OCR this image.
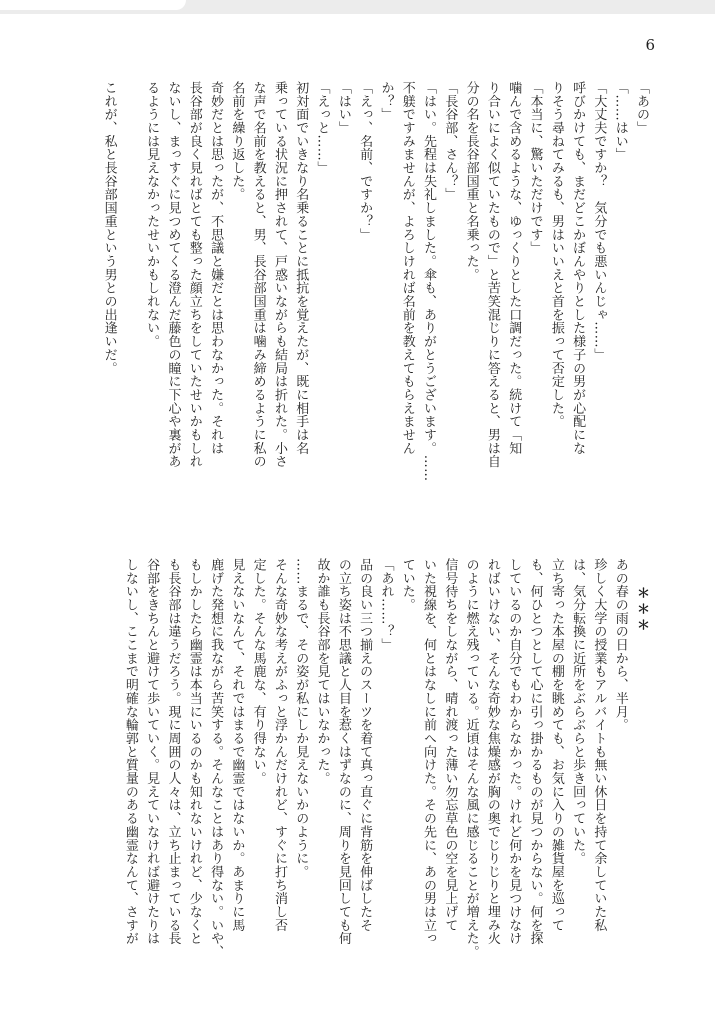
6
「あの」
「……はい」
「大丈夫ですか？　気分でも悪いんじゃ……」
呼びかけても、まだどこかぼんやりとした様子の男が心配にな
りそう尋ねてみるも、男はいいえと首を振って否定した。
「本当に、驚いただけです」
噛んで含めるような、ゆっくりとした口調だった。続けて「知
り合いによく似ていたもので」と苦笑混じりに答えると、男は自
分の名を長谷部国重と名乗った。
「長谷部、さん？」
「はい。先程は失礼しました。傘も、ありがとうございます。……
不躾ですみませんが、よろしければ名前を教えてもらえません
か？」
「えっ、名前、ですか？」
「はい」
「えっと……」
初対面でいきなり名乗ることに抵抗を覚えたが、既に相手は名
乗っている状況に押されて、戸惑いながらも結局は折れた。小さ
な声で名前を教えると、男、長谷部国重は噛み締めるように私の
名前を繰り返した。
奇妙だとは思ったが、不思議と嫌だとは思わなかった。それは
長谷部が良く見ればとても整った顔立ちをしていたせいかもしれ
ないし、まっすぐに見つめてくる澄んだ藤色の瞳に下心や裏があ
るようには見えなかったせいかもしれない。
これが、私と長谷部国重という男との出逢いだ。
＊＊＊
あの春の雨の日から、半月。
珍しく大学の授業もアルバイトも無い休日を持て余していた私
は、気分転換に近所をぶらぶらと歩き回っていた。
立ち寄った本屋の棚を眺めても、お気に入りの雑貨屋を巡って
も、何ひとつとして心に引っ掛かるものが見つからない。何を探
しているのか自分でもわからなかった。けれど何かを見つけなけ
ればいけない、そんな奇妙な焦燥感が胸の奥でじりじりと埋み火
のように燃え残っている。近頃はそんな風に感じることが増えた。
信号待ちをしながら、晴れ渡った薄い勿忘草色の空を見上げて
いた視線を、何とはなしに前へ向けた。その先に、あの男は立っ
ていた。
「あれ……？」
品の良い三つ揃えのスーツを着て真っ直ぐに背筋を伸ばしたそ
の立ち姿は不思議と人目を惹くはずなのに、周りを見回しても何
故か誰も長谷部を見てはいなかった。
……まるで、その姿が私にしか見えないかのように。
そんな奇妙な考えがふっと浮かんだけれど、すぐに打ち消し否
定した。そんな馬鹿な、有り得ない。
見えないなんて、それではまるで幽霊ではないか。あまりに馬
鹿げた発想に我ながら苦笑する。そんなことはあり得ない。いや、
もしかしたら幽霊は本当にいるのかも知れないけれど、少なくと
も長谷部は違うだろう。現に周囲の人々は、立ち止まっている長
谷部をきちんと避けて歩いていく。見えていなければ避けたりは
しないし、ここまで明確な輪郭と質量のある幽霊なんて、さすが
